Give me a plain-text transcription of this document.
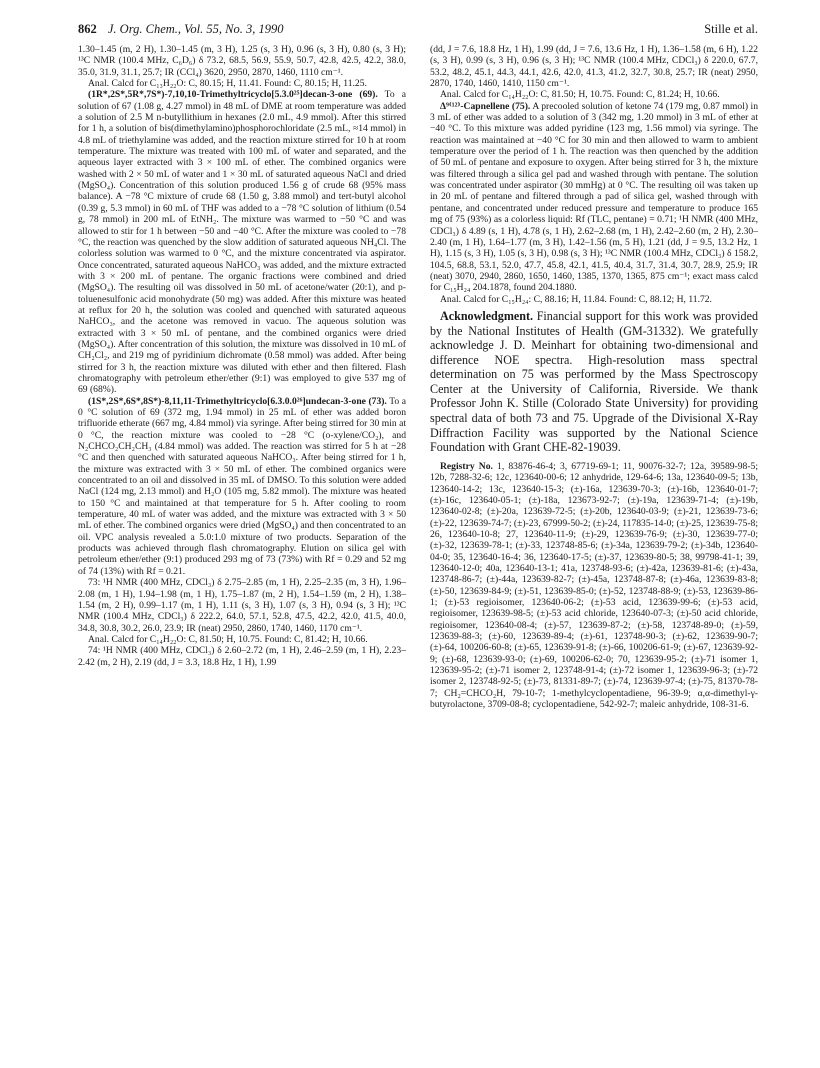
862 J. Org. Chem., Vol. 55, No. 3, 1990	Stille et al.

1.30–1.45 (m, 2 H), 1.30–1.45 (m, 3 H), 1.25 (s, 3 H), 0.96 (s, 3 H), 0.80 (s, 3 H); ¹³C NMR (100.4 MHz, C₆D₆) δ 73.2, 68.5, 56.9, 55.9, 50.7, 42.8, 42.5, 42.2, 38.0, 35.0, 31.9, 31.1, 25.7; IR (CCl₄) 3620, 2950, 2870, 1460, 1110 cm⁻¹.

Anal. Calcd for C₁₃H₂₂O: C, 80.15; H, 11.41. Found: C, 80.15; H, 11.25.

(1R*,2S*,5R*,7S*)-7,10,10-Trimethyltricyclo[5.3.0²⁵]decan-3-one (69). To a solution of 67 (1.08 g, 4.27 mmol) in 48 mL of DME at room temperature was added a solution of 2.5 M n-butyllithium in hexanes (2.0 mL, 4.9 mmol). After this stirred for 1 h, a solution of bis(dimethylamino)phosphorochloridate (2.5 mL, ≈14 mmol) in 4.8 mL of triethylamine was added, and the reaction mixture stirred for 10 h at room temperature. The mixture was treated with 100 mL of water and separated, and the aqueous layer extracted with 3 × 100 mL of ether. The combined organics were washed with 2 × 50 mL of water and 1 × 30 mL of saturated aqueous NaCl and dried (MgSO₄). Concentration of this solution produced 1.56 g of crude 68 (95% mass balance). A −78 °C mixture of crude 68 (1.50 g, 3.88 mmol) and tert-butyl alcohol (0.39 g, 5.3 mmol) in 60 mL of THF was added to a −78 °C solution of lithium (0.54 g, 78 mmol) in 200 mL of EtNH₂. The mixture was warmed to −50 °C and was allowed to stir for 1 h between −50 and −40 °C. After the mixture was cooled to −78 °C, the reaction was quenched by the slow addition of saturated aqueous NH₄Cl. The colorless solution was warmed to 0 °C, and the mixture concentrated via aspirator. Once concentrated, saturated aqueous NaHCO₃ was added, and the mixture extracted with 3 × 200 mL of pentane. The organic fractions were combined and dried (MgSO₄). The resulting oil was dissolved in 50 mL of acetone/water (20:1), and p-toluenesulfonic acid monohydrate (50 mg) was added. After this mixture was heated at reflux for 20 h, the solution was cooled and quenched with saturated aqueous NaHCO₃, and the acetone was removed in vacuo. The aqueous solution was extracted with 3 × 50 mL of pentane, and the combined organics were dried (MgSO₄). After concentration of this solution, the mixture was dissolved in 10 mL of CH₂Cl₂, and 219 mg of pyridinium dichromate (0.58 mmol) was added. After being stirred for 3 h, the reaction mixture was diluted with ether and then filtered. Flash chromatography with petroleum ether/ether (9:1) was employed to give 537 mg of 69 (68%).

(1S*,2S*,6S*,8S*)-8,11,11-Trimethyltricyclo[6.3.0.0²⁶]undecan-3-one (73). To a 0 °C solution of 69 (372 mg, 1.94 mmol) in 25 mL of ether was added boron trifluoride etherate (667 mg, 4.84 mmol) via syringe. After being stirred for 30 min at 0 °C, the reaction mixture was cooled to −28 °C (o-xylene/CO₂), and N₂CHCO₂CH₂CH₃ (4.84 mmol) was added. The reaction was stirred for 5 h at −28 °C and then quenched with saturated aqueous NaHCO₃. After being stirred for 1 h, the mixture was extracted with 3 × 50 mL of ether. The combined organics were concentrated to an oil and dissolved in 35 mL of DMSO. To this solution were added NaCl (124 mg, 2.13 mmol) and H₂O (105 mg, 5.82 mmol). The mixture was heated to 150 °C and maintained at that temperature for 5 h. After cooling to room temperature, 40 mL of water was added, and the mixture was extracted with 3 × 50 mL of ether. The combined organics were dried (MgSO₄) and then concentrated to an oil. VPC analysis revealed a 5.0:1.0 mixture of two products. Separation of the products was achieved through flash chromatography. Elution on silica gel with petroleum ether/ether (9:1) produced 293 mg of 73 (73%) with Rf = 0.29 and 52 mg of 74 (13%) with Rf = 0.21.

73: ¹H NMR (400 MHz, CDCl₃) δ 2.75–2.85 (m, 1 H), 2.25–2.35 (m, 3 H), 1.96–2.08 (m, 1 H), 1.94–1.98 (m, 1 H), 1.75–1.87 (m, 2 H), 1.54–1.59 (m, 2 H), 1.38–1.54 (m, 2 H), 0.99–1.17 (m, 1 H), 1.11 (s, 3 H), 1.07 (s, 3 H), 0.94 (s, 3 H); ¹³C NMR (100.4 MHz, CDCl₃) δ 222.2, 64.0, 57.1, 52.8, 47.5, 42.2, 42.0, 41.5, 40.0, 34.8, 30.8, 30.2, 26.0, 23.9; IR (neat) 2950, 2860, 1740, 1460, 1170 cm⁻¹.

Anal. Calcd for C₁₄H₂₂O: C, 81.50; H, 10.75. Found: C, 81.42; H, 10.66.

74: ¹H NMR (400 MHz, CDCl₃) δ 2.60–2.72 (m, 1 H), 2.46–2.59 (m, 1 H), 2.23–2.42 (m, 2 H), 2.19 (dd, J = 3.3, 18.8 Hz, 1 H), 1.99

(dd, J = 7.6, 18.8 Hz, 1 H), 1.99 (dd, J = 7.6, 13.6 Hz, 1 H), 1.36–1.58 (m, 6 H), 1.22 (s, 3 H), 0.99 (s, 3 H), 0.96 (s, 3 H); ¹³C NMR (100.4 MHz, CDCl₃) δ 220.0, 67.7, 53.2, 48.2, 45.1, 44.3, 44.1, 42.6, 42.0, 41.3, 41.2, 32.7, 30.8, 25.7; IR (neat) 2950, 2870, 1740, 1460, 1410, 1150 cm⁻¹.

Anal. Calcd for C₁₄H₂₂O: C, 81.50; H, 10.75. Found: C, 81.24; H, 10.66.

Δ⁹⁽¹²⁾-Capnellene (75). A precooled solution of ketone 74 (179 mg, 0.87 mmol) in 3 mL of ether was added to a solution of 3 (342 mg, 1.20 mmol) in 3 mL of ether at −40 °C. To this mixture was added pyridine (123 mg, 1.56 mmol) via syringe. The reaction was maintained at −40 °C for 30 min and then allowed to warm to ambient temperature over the period of 1 h. The reaction was then quenched by the addition of 50 mL of pentane and exposure to oxygen. After being stirred for 3 h, the mixture was filtered through a silica gel pad and washed through with pentane. The solution was concentrated under aspirator (30 mmHg) at 0 °C. The resulting oil was taken up in 20 mL of pentane and filtered through a pad of silica gel, washed through with pentane, and concentrated under reduced pressure and temperature to produce 165 mg of 75 (93%) as a colorless liquid: Rf (TLC, pentane) = 0.71; ¹H NMR (400 MHz, CDCl₃) δ 4.89 (s, 1 H), 4.78 (s, 1 H), 2.62–2.68 (m, 1 H), 2.42–2.60 (m, 2 H), 2.30–2.40 (m, 1 H), 1.64–1.77 (m, 3 H), 1.42–1.56 (m, 5 H), 1.21 (dd, J = 9.5, 13.2 Hz, 1 H), 1.15 (s, 3 H), 1.05 (s, 3 H), 0.98 (s, 3 H); ¹³C NMR (100.4 MHz, CDCl₃) δ 158.2, 104.5, 68.8, 53.1, 52.0, 47.7, 45.8, 42.1, 41.5, 40.4, 31.7, 31.4, 30.7, 28.9, 25.9; IR (neat) 3070, 2940, 2860, 1650, 1460, 1385, 1370, 1365, 875 cm⁻¹; exact mass calcd for C₁₅H₂₄ 204.1878, found 204.1880.

Anal. Calcd for C₁₅H₂₄: C, 88.16; H, 11.84. Found: C, 88.12; H, 11.72.

Acknowledgment. Financial support for this work was provided by the National Institutes of Health (GM-31332). We gratefully acknowledge J. D. Meinhart for obtaining two-dimensional and difference NOE spectra. High-resolution mass spectral determination on 75 was performed by the Mass Spectroscopy Center at the University of California, Riverside. We thank Professor John K. Stille (Colorado State University) for providing spectral data of both 73 and 75. Upgrade of the Divisional X-Ray Diffraction Facility was supported by the National Science Foundation with Grant CHE-82-19039.

Registry No. 1, 83876-46-4; 3, 67719-69-1; 11, 90076-32-7; 12a, 39589-98-5; 12b, 7288-32-6; 12c, 123640-00-6; 12 anhydride, 129-64-6; 13a, 123640-09-5; 13b, 123640-14-2; 13c, 123640-15-3; (±)-16a, 123639-70-3; (±)-16b, 123640-01-7; (±)-16c, 123640-05-1; (±)-18a, 123673-92-7; (±)-19a, 123639-71-4; (±)-19b, 123640-02-8; (±)-20a, 123639-72-5; (±)-20b, 123640-03-9; (±)-21, 123639-73-6; (±)-22, 123639-74-7; (±)-23, 67999-50-2; (±)-24, 117835-14-0; (±)-25, 123639-75-8; 26, 123640-10-8; 27, 123640-11-9; (±)-29, 123639-76-9; (±)-30, 123639-77-0; (±)-32, 123639-78-1; (±)-33, 123748-85-6; (±)-34a, 123639-79-2; (±)-34b, 123640-04-0; 35, 123640-16-4; 36, 123640-17-5; (±)-37, 123639-80-5; 38, 99798-41-1; 39, 123640-12-0; 40a, 123640-13-1; 41a, 123748-93-6; (±)-42a, 123639-81-6; (±)-43a, 123748-86-7; (±)-44a, 123639-82-7; (±)-45a, 123748-87-8; (±)-46a, 123639-83-8; (±)-50, 123639-84-9; (±)-51, 123639-85-0; (±)-52, 123748-88-9; (±)-53, 123639-86-1; (±)-53 regioisomer, 123640-06-2; (±)-53 acid, 123639-99-6; (±)-53 acid, regioisomer, 123639-98-5; (±)-53 acid chloride, 123640-07-3; (±)-50 acid chloride, regioisomer, 123640-08-4; (±)-57, 123639-87-2; (±)-58, 123748-89-0; (±)-59, 123639-88-3; (±)-60, 123639-89-4; (±)-61, 123748-90-3; (±)-62, 123639-90-7; (±)-64, 100206-60-8; (±)-65, 123639-91-8; (±)-66, 100206-61-9; (±)-67, 123639-92-9; (±)-68, 123639-93-0; (±)-69, 100206-62-0; 70, 123639-95-2; (±)-71 isomer 1, 123639-95-2; (±)-71 isomer 2, 123748-91-4; (±)-72 isomer 1, 123639-96-3; (±)-72 isomer 2, 123748-92-5; (±)-73, 81331-89-7; (±)-74, 123639-97-4; (±)-75, 81370-78-7; CH₂=CHCO₂H, 79-10-7; 1-methylcyclopentadiene, 96-39-9; α,α-dimethyl-γ-butyrolactone, 3709-08-8; cyclopentadiene, 542-92-7; maleic anhydride, 108-31-6.
